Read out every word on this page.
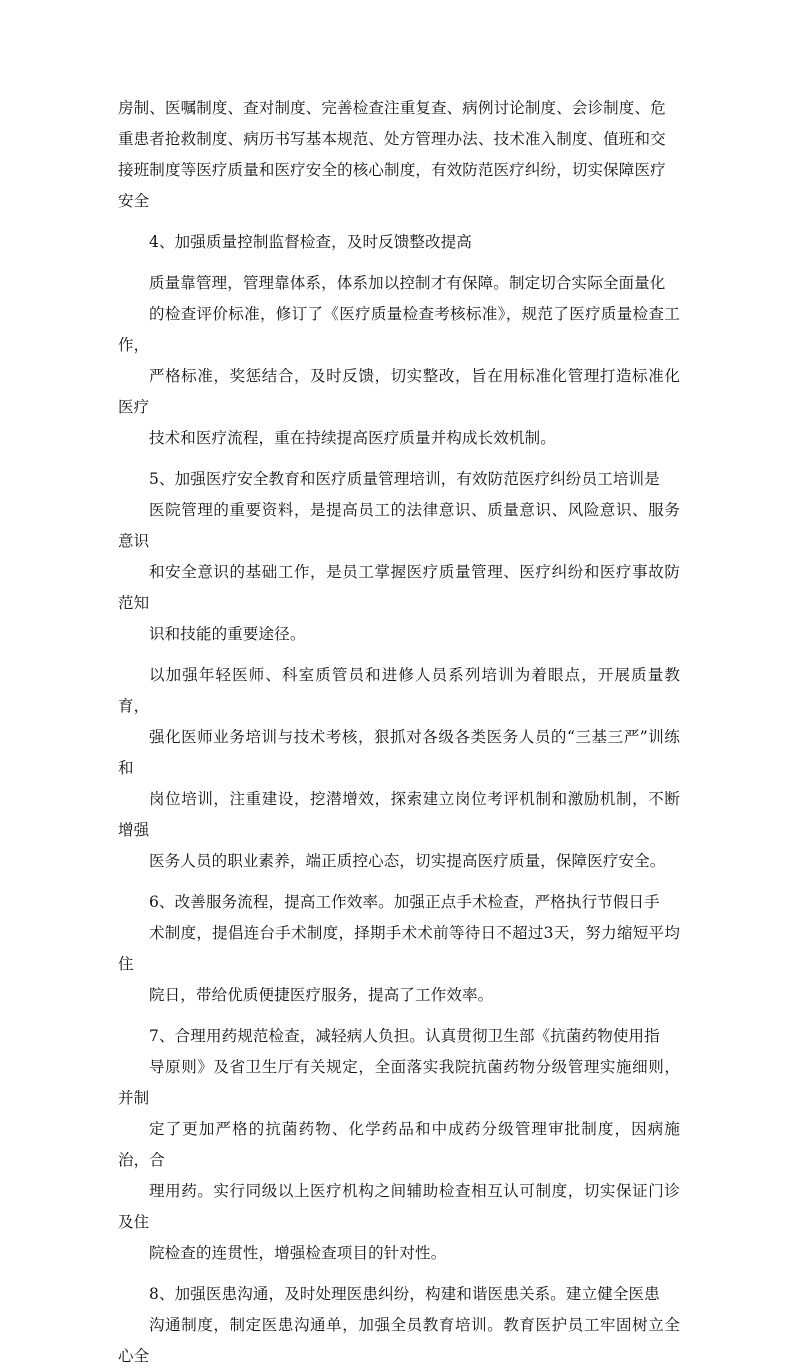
房制、医嘱制度、查对制度、完善检查注重复查、病例讨论制度、会诊制度、危
重患者抢救制度、病历书写基本规范、处方管理办法、技术准入制度、值班和交
接班制度等医疗质量和医疗安全的核心制度，有效防范医疗纠纷，切实保障医疗
安全

4、加强质量控制监督检查，及时反馈整改提高

质量靠管理，管理靠体系，体系加以控制才有保障。制定切合实际全面量化
的检查评价标准，修订了《医疗质量检查考核标准》，规范了医疗质量检查工作，
严格标准，奖惩结合，及时反馈，切实整改，旨在用标准化管理打造标准化医疗
技术和医疗流程，重在持续提高医疗质量并构成长效机制。

5、加强医疗安全教育和医疗质量管理培训，有效防范医疗纠纷员工培训是
医院管理的重要资料，是提高员工的法律意识、质量意识、风险意识、服务意识
和安全意识的基础工作，是员工掌握医疗质量管理、医疗纠纷和医疗事故防范知
识和技能的重要途径。

以加强年轻医师、科室质管员和进修人员系列培训为着眼点，开展质量教育，
强化医师业务培训与技术考核，狠抓对各级各类医务人员的“三基三严”训练和
岗位培训，注重建设，挖潜增效，探索建立岗位考评机制和激励机制，不断增强
医务人员的职业素养，端正质控心态，切实提高医疗质量，保障医疗安全。

6、改善服务流程，提高工作效率。加强正点手术检查，严格执行节假日手
术制度，提倡连台手术制度，择期手术术前等待日不超过3天，努力缩短平均住
院日，带给优质便捷医疗服务，提高了工作效率。

7、合理用药规范检查，减轻病人负担。认真贯彻卫生部《抗菌药物使用指
导原则》及省卫生厅有关规定，全面落实我院抗菌药物分级管理实施细则，并制
定了更加严格的抗菌药物、化学药品和中成药分级管理审批制度，因病施治，合
理用药。实行同级以上医疗机构之间辅助检查相互认可制度，切实保证门诊及住
院检查的连贯性，增强检查项目的针对性。

8、加强医患沟通，及时处理医患纠纷，构建和谐医患关系。建立健全医患
沟通制度，制定医患沟通单，加强全员教育培训。教育医护员工牢固树立全心全
